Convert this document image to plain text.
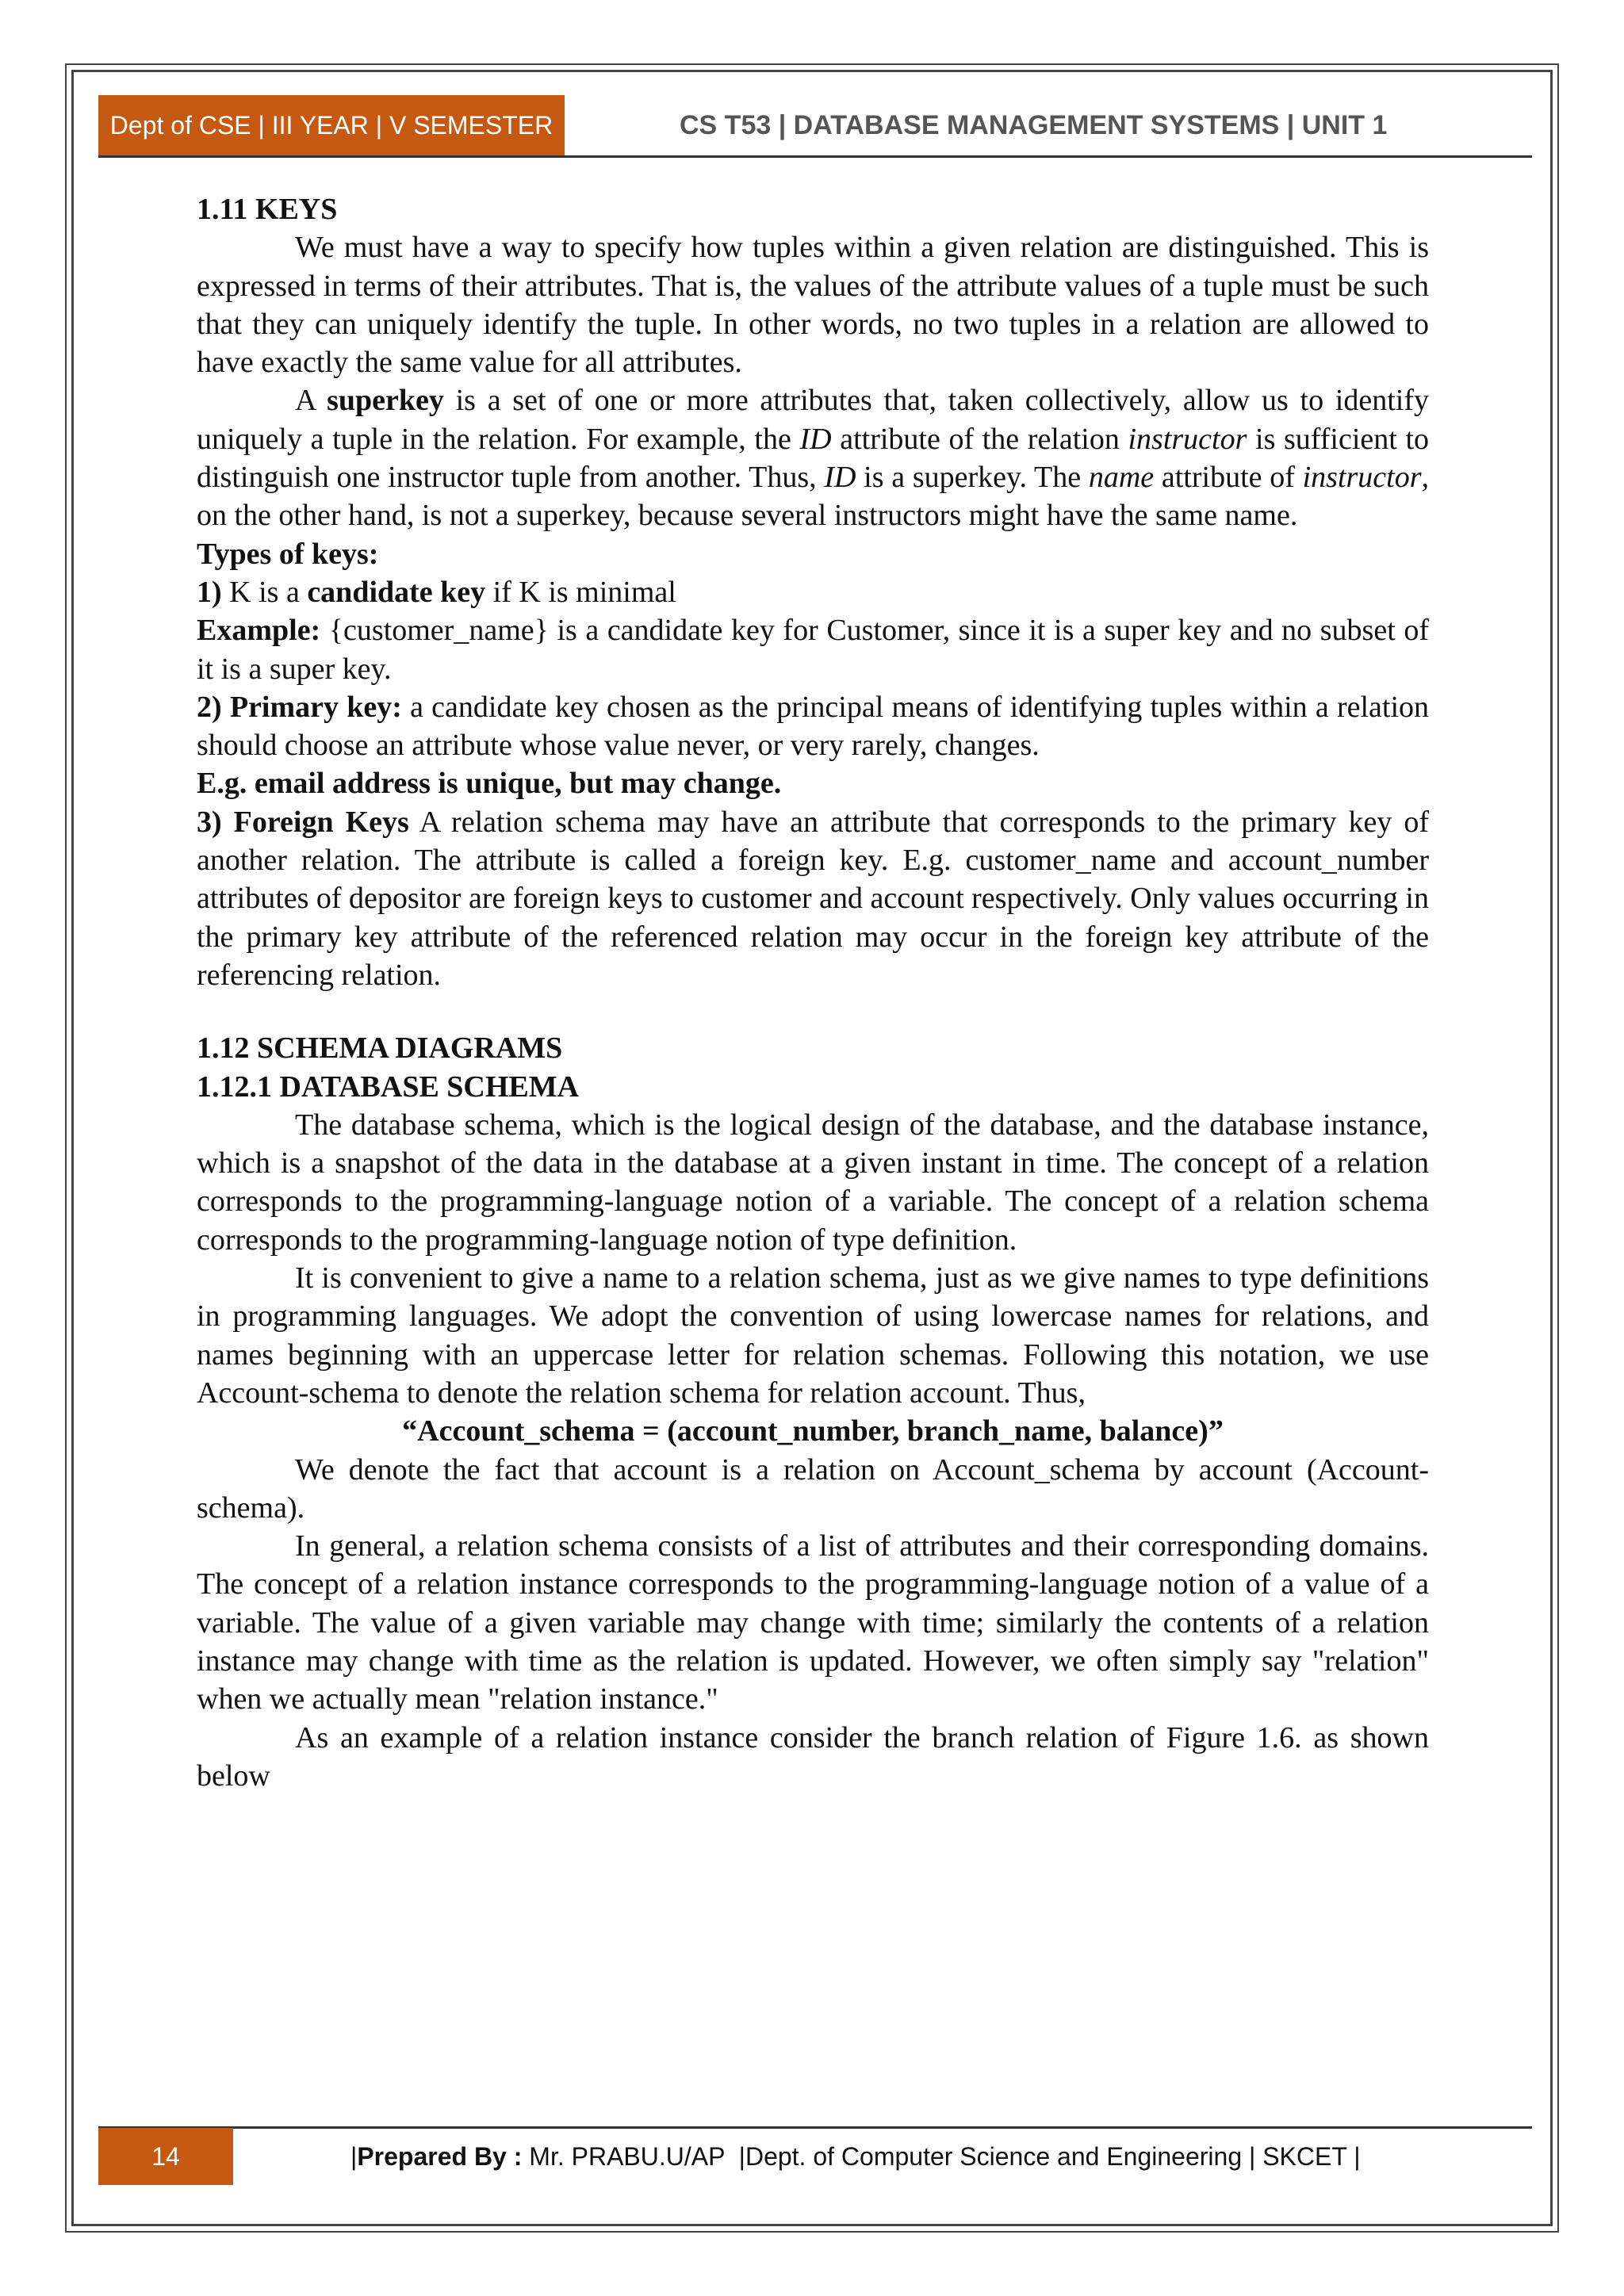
Dept of CSE | III YEAR | V SEMESTER	CS T53 | DATABASE MANAGEMENT SYSTEMS | UNIT 1

1.11 KEYS

We must have a way to specify how tuples within a given relation are distinguished. This is expressed in terms of their attributes. That is, the values of the attribute values of a tuple must be such that they can uniquely identify the tuple. In other words, no two tuples in a relation are allowed to have exactly the same value for all attributes.

A superkey is a set of one or more attributes that, taken collectively, allow us to identify uniquely a tuple in the relation. For example, the ID attribute of the relation instructor is sufficient to distinguish one instructor tuple from another. Thus, ID is a superkey. The name attribute of instructor, on the other hand, is not a superkey, because several instructors might have the same name.

Types of keys:

1) K is a candidate key if K is minimal

Example: {customer_name} is a candidate key for Customer, since it is a super key and no subset of it is a super key.

2) Primary key: a candidate key chosen as the principal means of identifying tuples within a relation should choose an attribute whose value never, or very rarely, changes.

E.g. email address is unique, but may change.

3) Foreign Keys A relation schema may have an attribute that corresponds to the primary key of another relation. The attribute is called a foreign key. E.g. customer_name and account_number attributes of depositor are foreign keys to customer and account respectively. Only values occurring in the primary key attribute of the referenced relation may occur in the foreign key attribute of the referencing relation.

1.12 SCHEMA DIAGRAMS

1.12.1 DATABASE SCHEMA

The database schema, which is the logical design of the database, and the database instance, which is a snapshot of the data in the database at a given instant in time. The concept of a relation corresponds to the programming-language notion of a variable. The concept of a relation schema corresponds to the programming-language notion of type definition.

It is convenient to give a name to a relation schema, just as we give names to type definitions in programming languages. We adopt the convention of using lowercase names for relations, and names beginning with an uppercase letter for relation schemas. Following this notation, we use Account-schema to denote the relation schema for relation account. Thus,

“Account_schema = (account_number, branch_name, balance)”

We denote the fact that account is a relation on Account_schema by account (Account- schema).

In general, a relation schema consists of a list of attributes and their corresponding domains. The concept of a relation instance corresponds to the programming-language notion of a value of a variable. The value of a given variable may change with time; similarly the contents of a relation instance may change with time as the relation is updated. However, we often simply say "relation" when we actually mean "relation instance."

As an example of a relation instance consider the branch relation of Figure 1.6. as shown below

14	| Prepared By : Mr. PRABU.U/AP  |Dept. of Computer Science and Engineering | SKCET |
